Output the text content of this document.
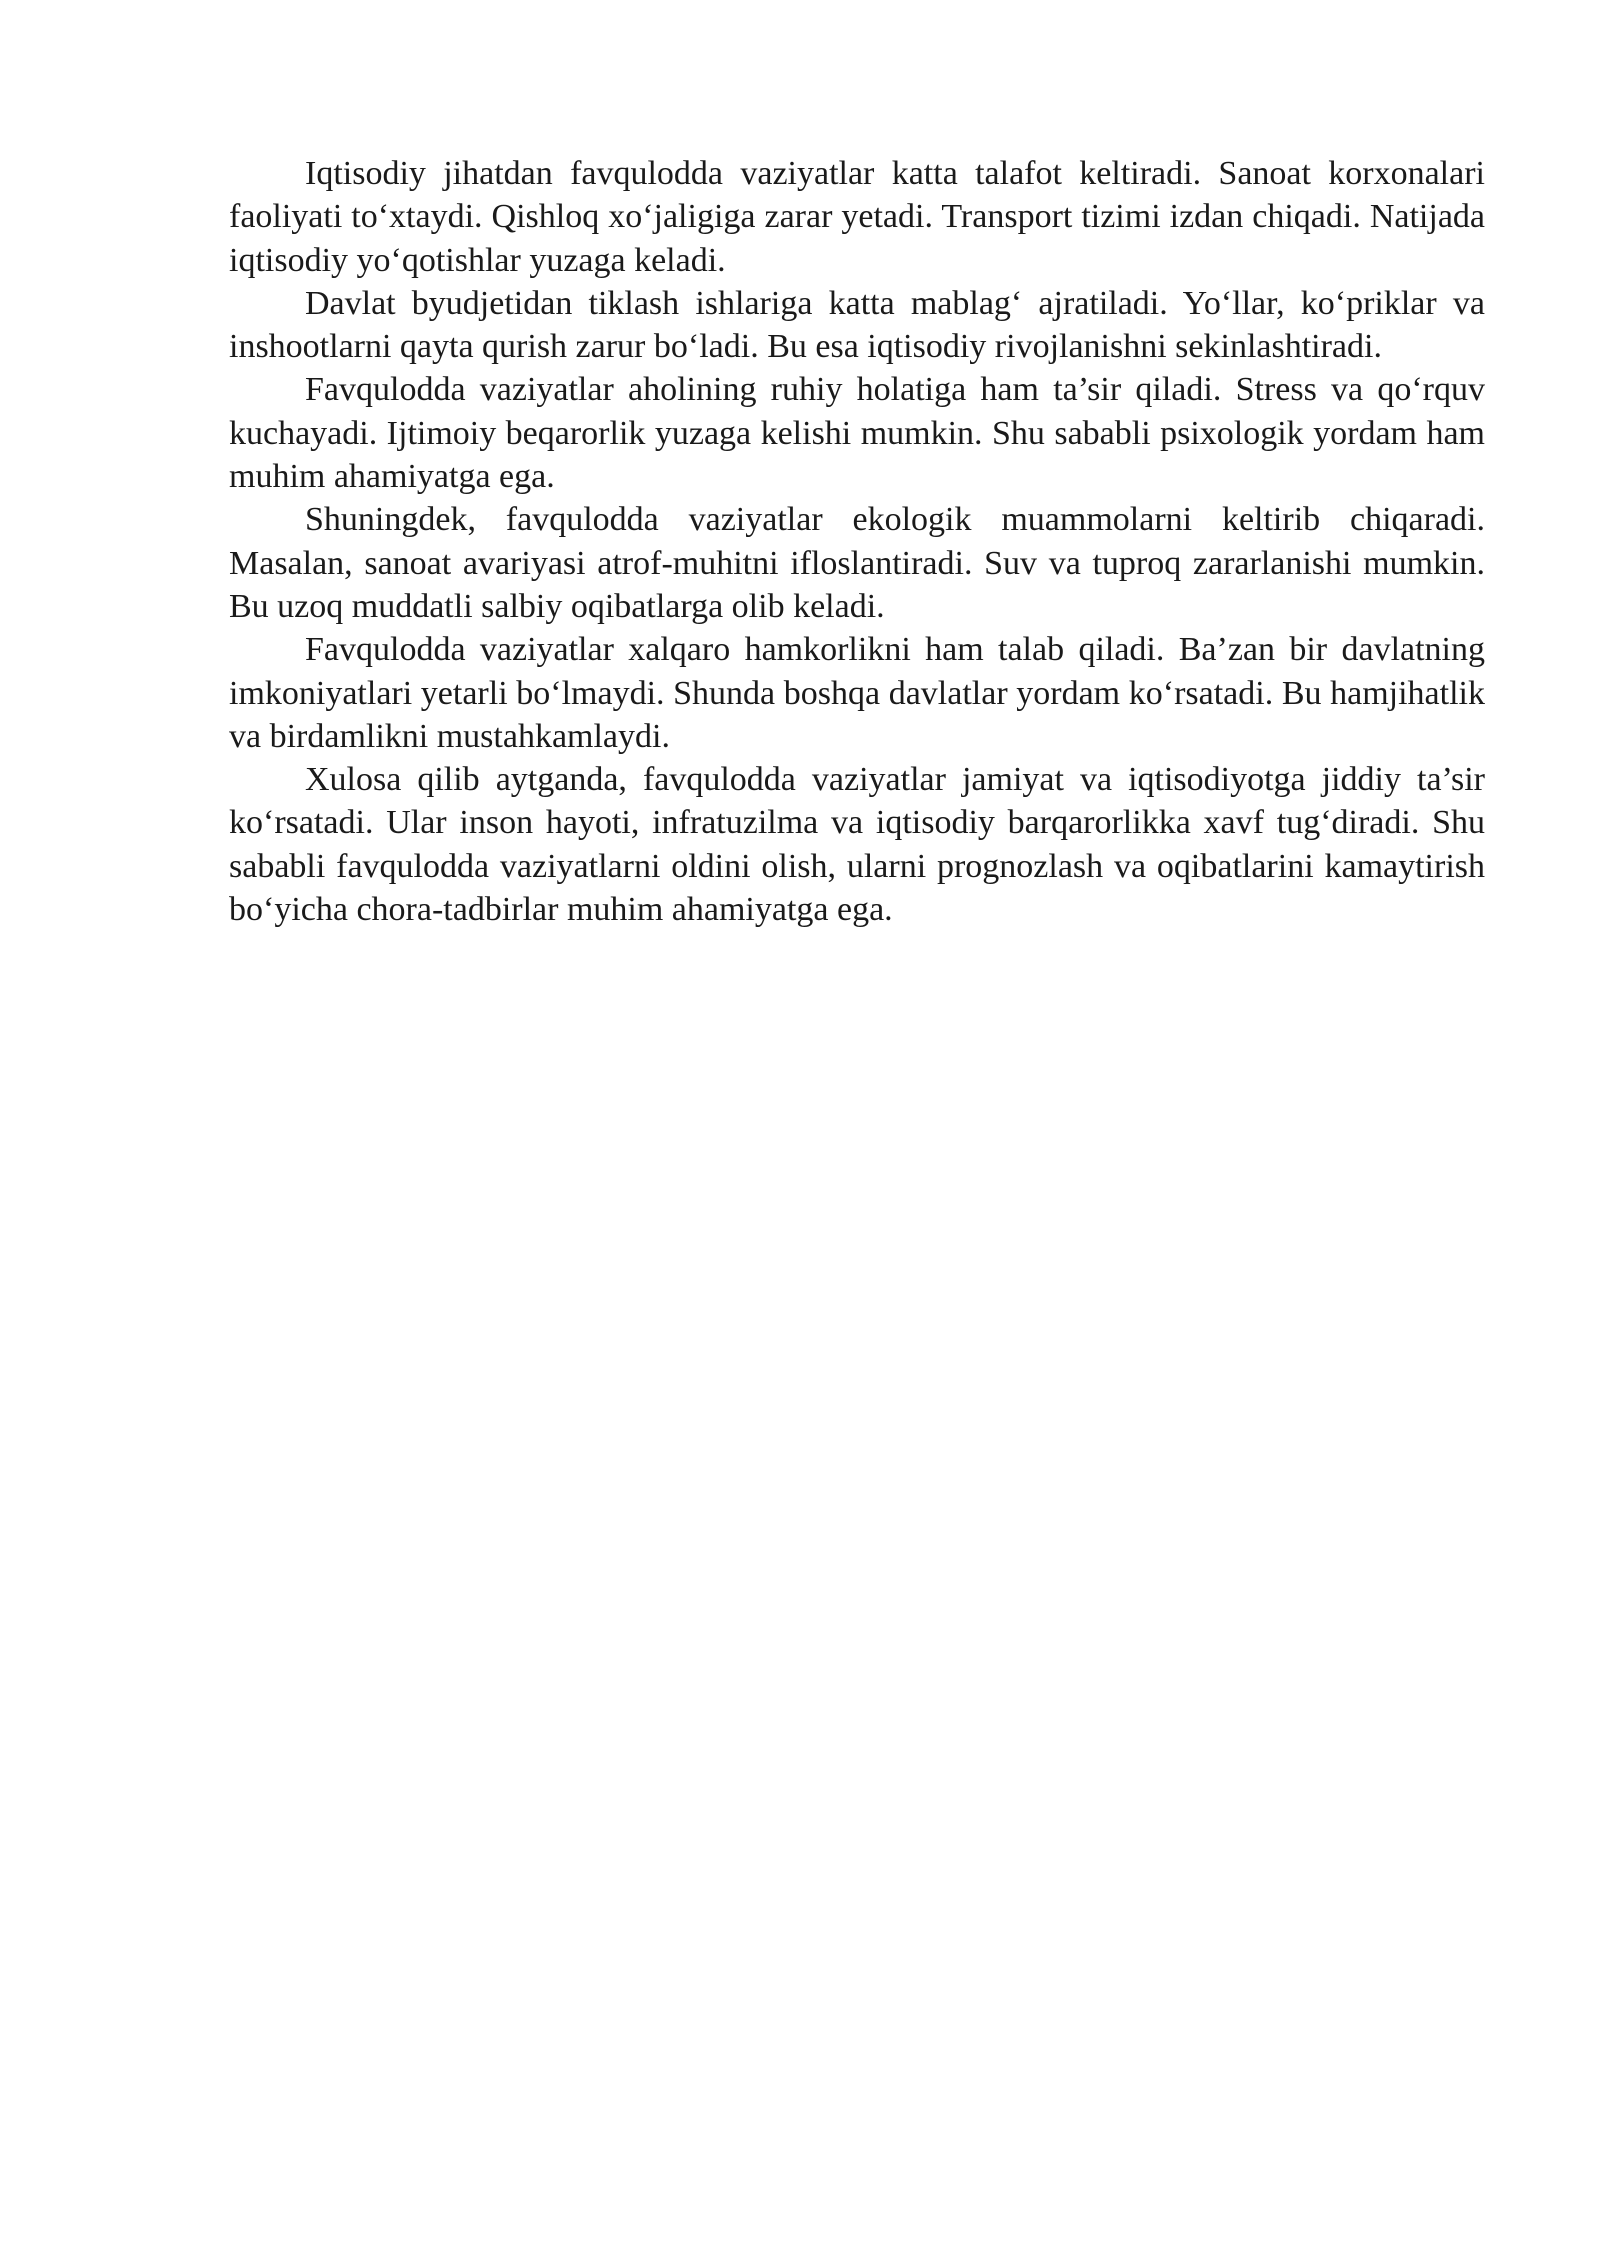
Iqtisodiy jihatdan favqulodda vaziyatlar katta talafot keltiradi. Sanoat korxonalari faoliyati to‘xtaydi. Qishloq xo‘jaligiga zarar yetadi. Transport tizimi izdan chiqadi. Natijada iqtisodiy yo‘qotishlar yuzaga keladi.

Davlat byudjetidan tiklash ishlariga katta mablag‘ ajratiladi. Yo‘llar, ko‘priklar va inshootlarni qayta qurish zarur bo‘ladi. Bu esa iqtisodiy rivojlanishni sekinlashtiradi.

Favqulodda vaziyatlar aholining ruhiy holatiga ham ta’sir qiladi. Stress va qo‘rquv kuchayadi. Ijtimoiy beqarorlik yuzaga kelishi mumkin. Shu sababli psixologik yordam ham muhim ahamiyatga ega.

Shuningdek, favqulodda vaziyatlar ekologik muammolarni keltirib chiqaradi. Masalan, sanoat avariyasi atrof-muhitni ifloslantiradi. Suv va tuproq zararlanishi mumkin. Bu uzoq muddatli salbiy oqibatlarga olib keladi.

Favqulodda vaziyatlar xalqaro hamkorlikni ham talab qiladi. Ba’zan bir davlatning imkoniyatlari yetarli bo‘lmaydi. Shunda boshqa davlatlar yordam ko‘rsatadi. Bu hamjihatlik va birdamlikni mustahkamlaydi.

Xulosa qilib aytganda, favqulodda vaziyatlar jamiyat va iqtisodiyotga jiddiy ta’sir ko‘rsatadi. Ular inson hayoti, infratuzilma va iqtisodiy barqarorlikka xavf tug‘diradi. Shu sababli favqulodda vaziyatlarni oldini olish, ularni prognozlash va oqibatlarini kamaytirish bo‘yicha chora-tadbirlar muhim ahamiyatga ega.
